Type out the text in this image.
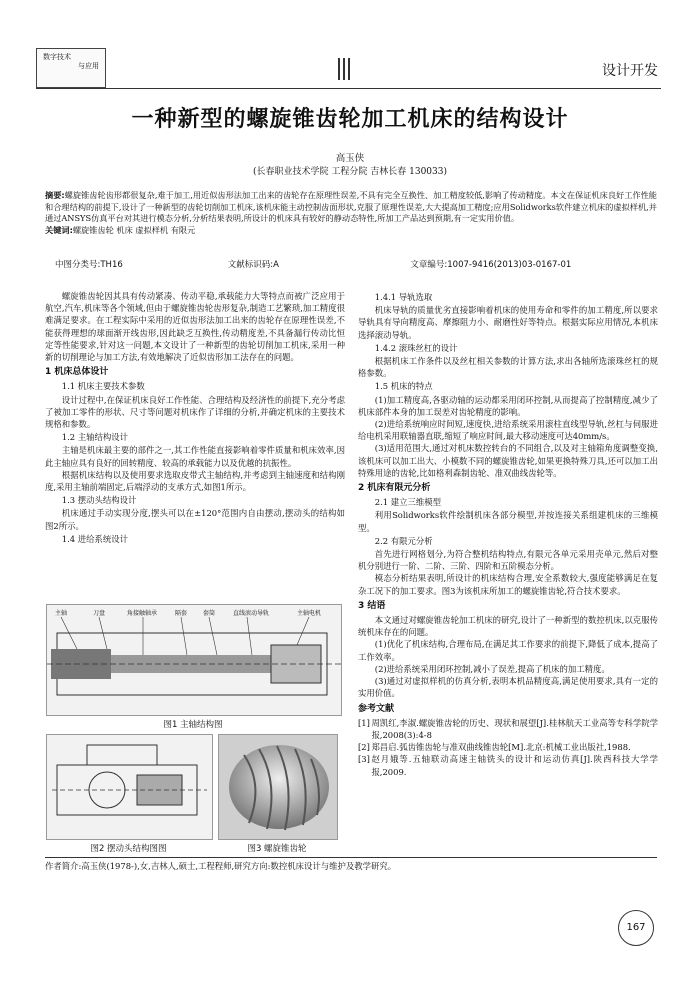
数字技术
与应用	设计开发
一种新型的螺旋锥齿轮加工机床的结构设计
高玉侠
(长春职业技术学院 工程分院 吉林长春 130033)
摘要:螺旋锥齿轮齿形都很复杂,难于加工,用近似齿形法加工出来的齿轮存在原理性误差,不具有完全互换性、加工精度较低,影响了传动精度。本文在保证机床良好工作性能和合理结构的前提下,设计了一种新型的齿轮切削加工机床,该机床能主动控制齿面形状,克服了原理性误差,大大提高加工精度;应用Solidworks软件建立机床的虚拟样机,并通过ANSYS仿真平台对其进行模态分析,分析结果表明,所设计的机床具有较好的静动态特性,所加工产品达到预期,有一定实用价值。
关键词:螺旋锥齿轮 机床 虚拟样机 有限元
中图分类号:TH16	文献标识码:A	文章编号:1007-9416(2013)03-0167-01

螺旋锥齿轮因其具有传动紧凑、传动平稳,承载能力大等特点而被广泛应用于航空,汽车,机床等各个领域,但由于螺旋锥齿轮齿形复杂,制造工艺繁琐,加工精度很难满足要求。在工程实际中采用的近似齿形法加工出来的齿轮存在原理性误差,不能获得理想的球面渐开线齿形,因此缺乏互换性,传动精度差,不具备漏行传动比恒定等性能要求,针对这一问题,本文设计了一种新型的齿轮切削加工机床,采用一种新的切削理论与加工方法,有效地解决了近似齿形加工法存在的问题。

1 机床总体设计
1.1 机床主要技术参数

设计过程中,在保证机床良好工作性能、合理结构及经济性的前提下,充分考虑了被加工零件的形状、尺寸等问题对机床作了详细的分析,并确定机床的主要技术规格和参数。

1.2 主轴结构设计

主轴是机床最主要的部件之一,其工作性能直接影响着零件质量和机床效率,因此主轴应具有良好的回转精度、较高的承载能力以及优越的抗振性。

根据机床结构以及使用要求选取皮带式主轴结构,并考虑到主轴速度和结构刚度,采用主轴前端固定,后端浮动的支承方式,如图1所示。

1.3 摆动头结构设计

机床通过手动实现分度,摆头可以在±120°范围内自由摆动,摆动头的结构如图2所示。

1.4 进给系统设计
主轴	刀盘	角接触轴承	隔套	套筒	直线滚动导轨	主轴电机
图1 主轴结构图
图2 摆动头结构图图	图3 螺旋锥齿轮
1.4.1 导轨选取

机床导轨的质量优劣直接影响着机床的使用寿命和零件的加工精度,所以要求导轨具有导向精度高、摩擦阻力小、耐磨性好等特点。根据实际应用情况,本机床选择滚动导轨。

1.4.2 滚珠丝杠的设计

根据机床工作条件以及丝杠相关参数的计算方法,求出各轴所选滚珠丝杠的规格参数。

1.5 机床的特点

(1)加工精度高,各驱动轴的运动都采用闭环控制,从而提高了控制精度,减少了机床部件本身的加工误差对齿轮精度的影响。

(2)进给系统响应时间短,速度快,进给系统采用滚柱直线型导轨,丝杠与伺服进给电机采用联轴器直联,缩短了响应时间,最大移动速度可达40mm/s。

(3)适用范围大,通过对机床数控转台的不同组合,以及对主轴箱角度调整变换,该机床可以加工出大、小模数不同的螺旋锥齿轮,如果更换特殊刀具,还可以加工出特殊用途的齿轮,比如格利森制齿轮、准双曲线齿轮等。

2 机床有限元分析
2.1 建立三维模型

利用Solidworks软件绘制机床各部分模型,并按连接关系组建机床的三维模型。

2.2 有限元分析

首先进行网格划分,为符合整机结构特点,有限元各单元采用壳单元,然后对整机分别进行一阶、二阶、三阶、四阶和五阶模态分析。

模态分析结果表明,所设计的机床结构合理,安全系数较大,强度能够满足在复杂工况下的加工要求。图3为该机床所加工的螺旋锥齿轮,符合技术要求。

3 结语

本文通过对螺旋锥齿轮加工机床的研究,设计了一种新型的数控机床,以克服传统机床存在的问题。

(1)优化了机床结构,合理布局,在满足其工作要求的前提下,降低了成本,提高了工作效率。

(2)进给系统采用闭环控制,减小了误差,提高了机床的加工精度。

(3)通过对虚拟样机的仿真分析,表明本机品精度高,满足使用要求,具有一定的实用价值。

参考文献

[1] 周凯红,李淑.螺旋锥齿轮的历史、现状和展望[J].桂林航天工业高等专科学院学报,2008(3):4-8

[2] 郑昌启.弧齿锥齿轮与准双曲线锥齿轮[M].北京:机械工业出版社,1988.

[3] 赵月娥等.五轴联动高速主轴铣头的设计和运动仿真[J].陕西科技大学学报,2009.

作者简介:高玉侠(1978-),女,吉林人,硕士,工程程师,研究方向:数控机床设计与维护及教学研究。
167
